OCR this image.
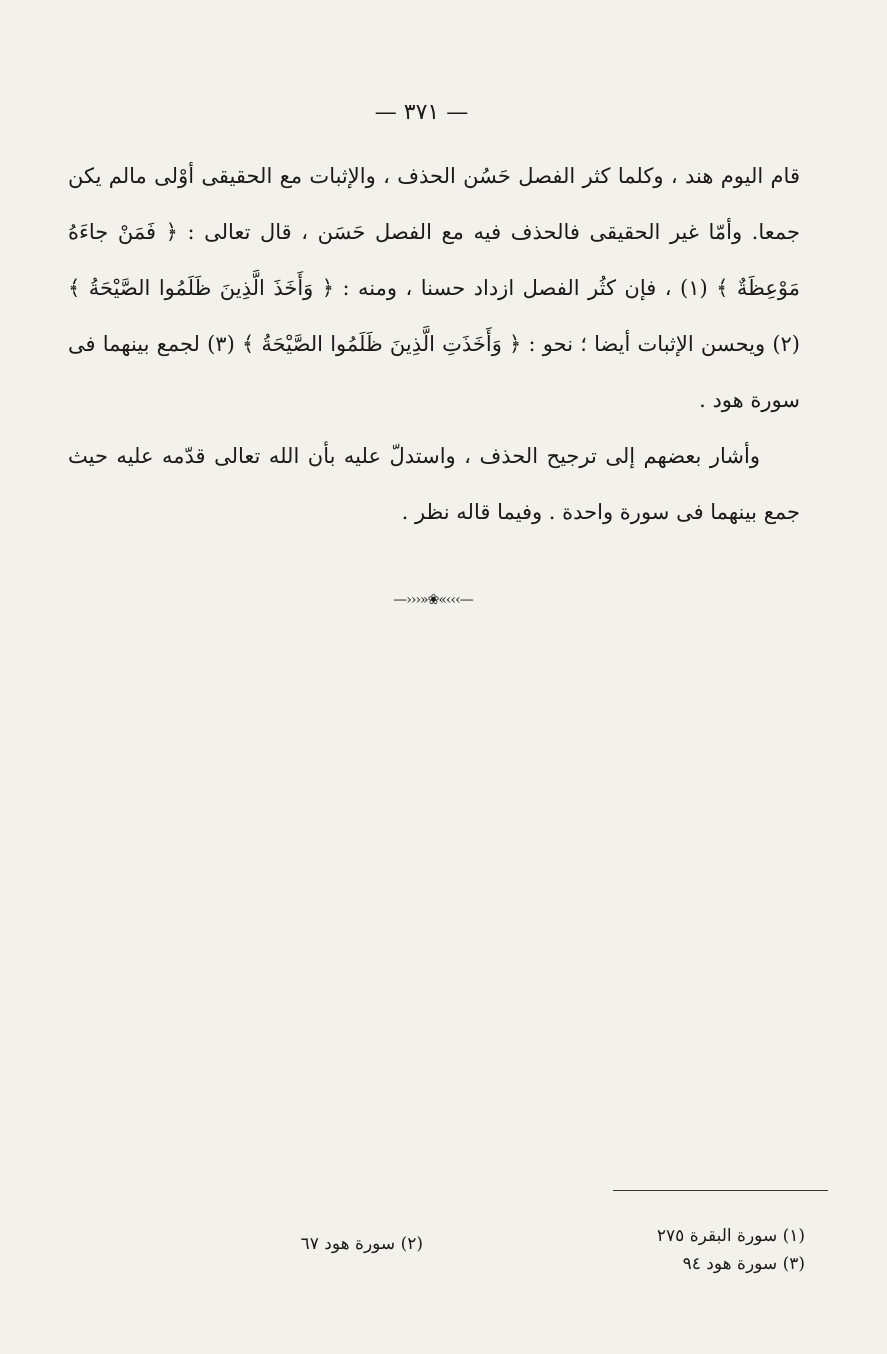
— ٣٧١ —

قام اليوم هند ، وكلما كثر الفصل حَسُن الحذف ، والإثبات مع الحقيقى أوْلى مالم يكن جمعا. وأمّا غير الحقيقى فالحذف فيه مع الفصل حَسَن ، قال تعالى : ﴿ فَمَنْ جاءَهُ مَوْعِظَةٌ ﴾ (١) ، فإن كثُر الفصل ازداد حسنا ، ومنه : ﴿ وَأَخَذَ الَّذِينَ ظَلَمُوا الصَّيْحَةُ ﴾ (٢) ويحسن الإثبات أيضا ؛ نحو : ﴿ وَأَخَذَتِ الَّذِينَ ظَلَمُوا الصَّيْحَةُ ﴾ (٣) لجمع بينهما فى سورة هود .

وأشار بعضهم إلى ترجيح الحذف ، واستدلّ عليه بأن الله تعالى قدّمه عليه حيث جمع بينهما فى سورة واحدة . وفيما قاله نظر .

—›››»❀«‹‹‹—
(١) سورة البقرة ٢٧٥
(٢) سورة هود ٦٧
(٣) سورة هود ٩٤
